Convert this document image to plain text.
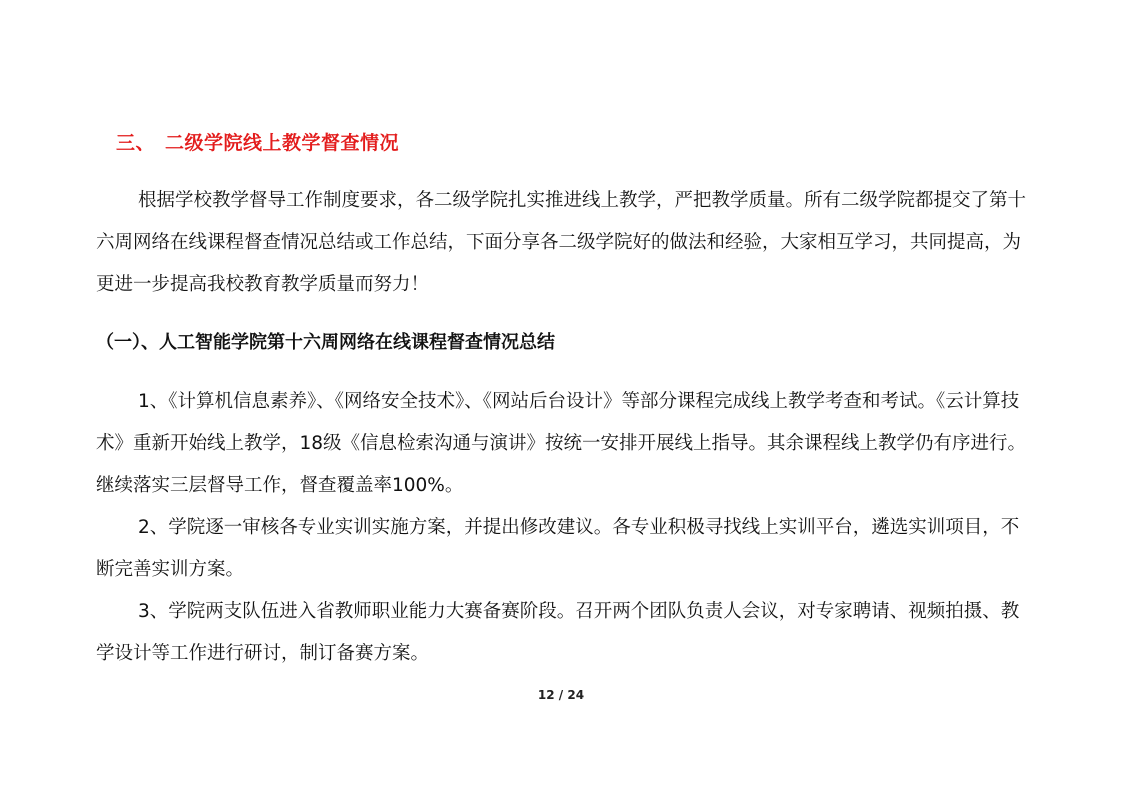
三、 二级学院线上教学督查情况

根据学校教学督导工作制度要求，各二级学院扎实推进线上教学，严把教学质量。所有二级学院都提交了第十六周网络在线课程督查情况总结或工作总结，下面分享各二级学院好的做法和经验，大家相互学习，共同提高，为更进一步提高我校教育教学质量而努力！

（一）、人工智能学院第十六周网络在线课程督查情况总结

1、《计算机信息素养》、《网络安全技术》、《网站后台设计》等部分课程完成线上教学考查和考试。《云计算技术》重新开始线上教学，18级《信息检索沟通与演讲》按统一安排开展线上指导。其余课程线上教学仍有序进行。继续落实三层督导工作，督查覆盖率100%。

2、学院逐一审核各专业实训实施方案，并提出修改建议。各专业积极寻找线上实训平台，遴选实训项目，不断完善实训方案。

3、学院两支队伍进入省教师职业能力大赛备赛阶段。召开两个团队负责人会议，对专家聘请、视频拍摄、教学设计等工作进行研讨，制订备赛方案。

12 / 24
